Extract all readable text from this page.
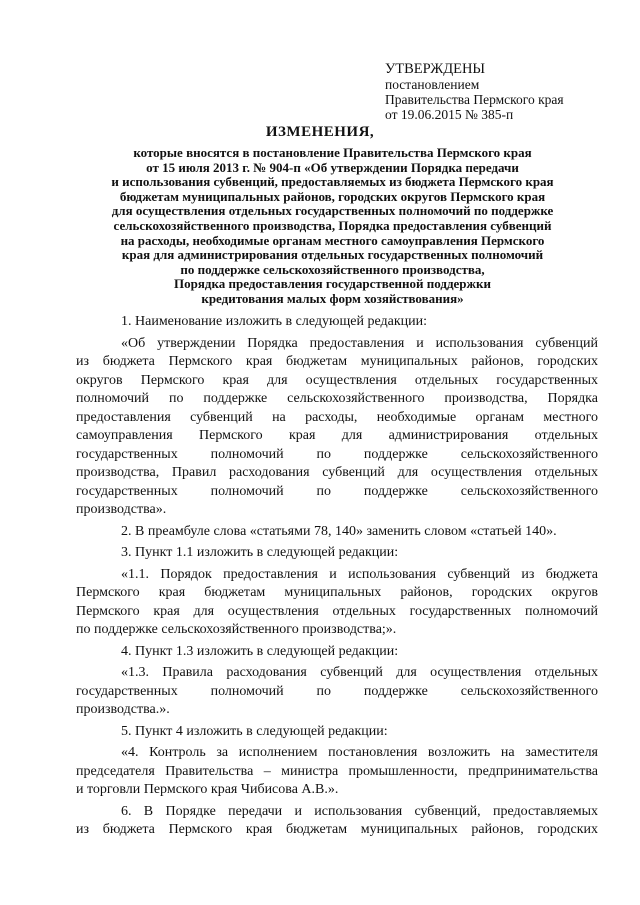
УТВЕРЖДЕНЫ
постановлением
Правительства Пермского края
от 19.06.2015 № 385-п
ИЗМЕНЕНИЯ,
которые вносятся в постановление Правительства Пермского края
от 15 июля 2013 г. № 904-п «Об утверждении Порядка передачи
и использования субвенций, предоставляемых из бюджета Пермского края
бюджетам муниципальных районов, городских округов Пермского края
для осуществления отдельных государственных полномочий по поддержке
сельскохозяйственного производства, Порядка предоставления субвенций
на расходы, необходимые органам местного самоуправления Пермского
края для администрирования отдельных государственных полномочий
по поддержке сельскохозяйственного производства,
Порядка предоставления государственной поддержки
кредитования малых форм хозяйствования»
1. Наименование изложить в следующей редакции:
«Об утверждении Порядка предоставления и использования субвенций
из бюджета Пермского края бюджетам муниципальных районов, городских
округов Пермского края для осуществления отдельных государственных
полномочий по поддержке сельскохозяйственного производства, Порядка
предоставления субвенций на расходы, необходимые органам местного
самоуправления Пермского края для администрирования отдельных
государственных полномочий по поддержке сельскохозяйственного
производства, Правил расходования субвенций для осуществления отдельных
государственных полномочий по поддержке сельскохозяйственного
производства».
2. В преамбуле слова «статьями 78, 140» заменить словом «статьей 140».
3. Пункт 1.1 изложить в следующей редакции:
«1.1. Порядок предоставления и использования субвенций из бюджета
Пермского края бюджетам муниципальных районов, городских округов
Пермского края для осуществления отдельных государственных полномочий
по поддержке сельскохозяйственного производства;».
4. Пункт 1.3 изложить в следующей редакции:
«1.3. Правила расходования субвенций для осуществления отдельных
государственных полномочий по поддержке сельскохозяйственного
производства.».
5. Пункт 4 изложить в следующей редакции:
«4. Контроль за исполнением постановления возложить на заместителя
председателя Правительства – министра промышленности, предпринимательства
и торговли Пермского края Чибисова А.В.».
6. В Порядке передачи и использования субвенций, предоставляемых
из бюджета Пермского края бюджетам муниципальных районов, городских
